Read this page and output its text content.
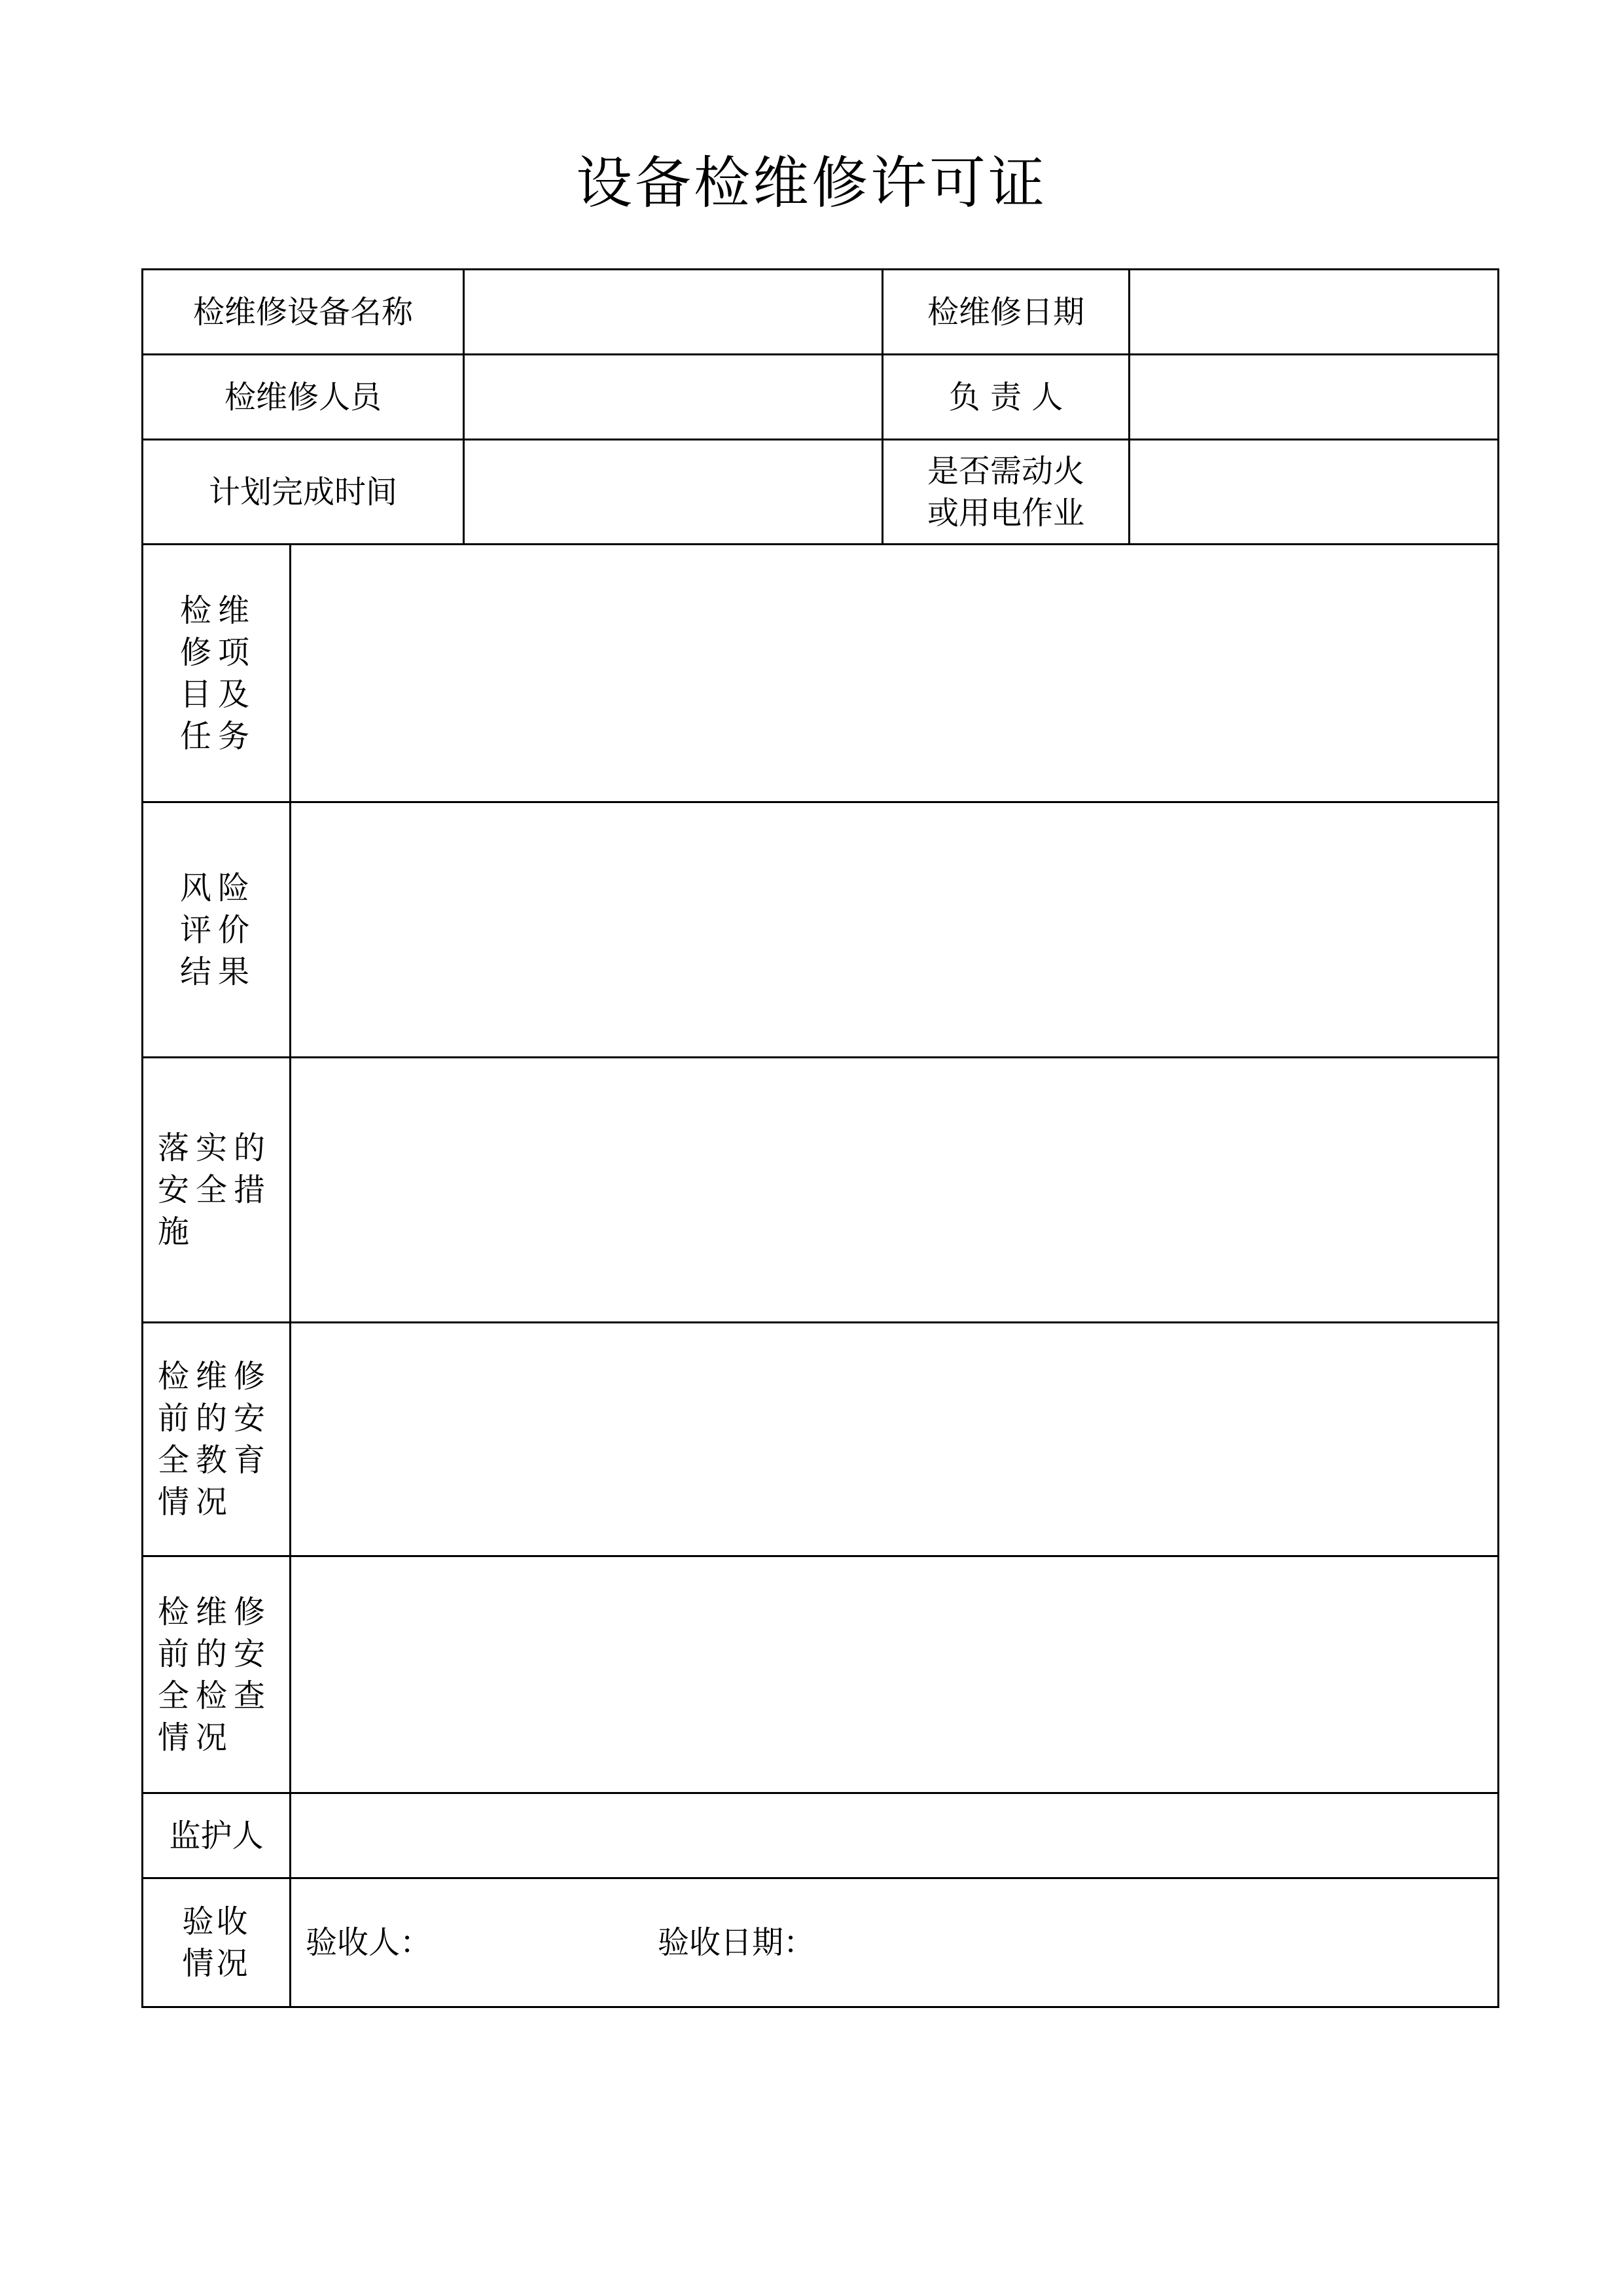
设备检维修许可证
检维修设备名称			检维修日期	
检维修人员			负 责 人	
计划完成时间			是否需动火
或用电作业	
检维
修项
目及
任务				
风险
评价
结果				
落实的
安全措
施				
检维修
前的安
全教育
情况				
检维修
前的安
全检查
情况				
监护人				
验收
情况	验收人： 验收日期：			
